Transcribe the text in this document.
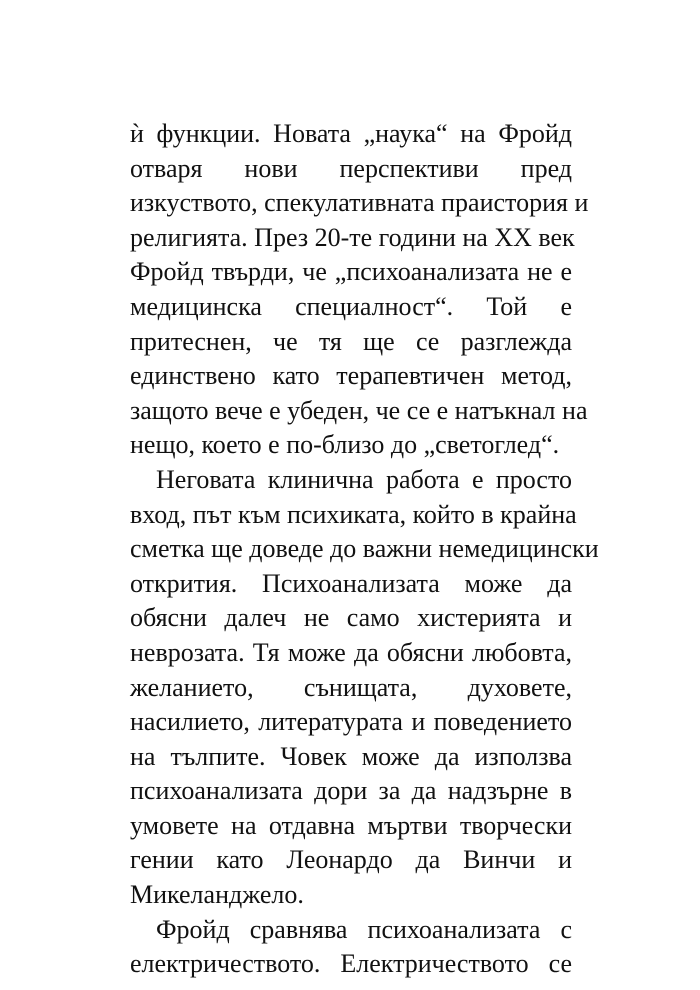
ѝ функции. Новата „наука“ на Фройд
отваря нови перспективи пред
изкуството, спекулативната праистория и
религията. През 20-те години на XX век
Фройд твърди, че „психоанализата не е
медицинска специалност“. Той е
притеснен, че тя ще се разглежда
единствено като терапевтичен метод,
защото вече е убеден, че се е натъкнал на
нещо, което е по-близо до „светоглед“.
Неговата клинична работа е просто
вход, път към психиката, който в крайна
сметка ще доведе до важни немедицински
открития. Психоанализата може да
обясни далеч не само хистерията и
неврозата. Тя може да обясни любовта,
желанието, сънищата, духовете,
насилието, литературата и поведението
на тълпите. Човек може да използва
психоанализата дори за да надзърне в
умовете на отдавна мъртви творчески
гении като Леонардо да Винчи и
Микеланджело.
Фройд сравнява психоанализата с
електричеството. Електричеството се
